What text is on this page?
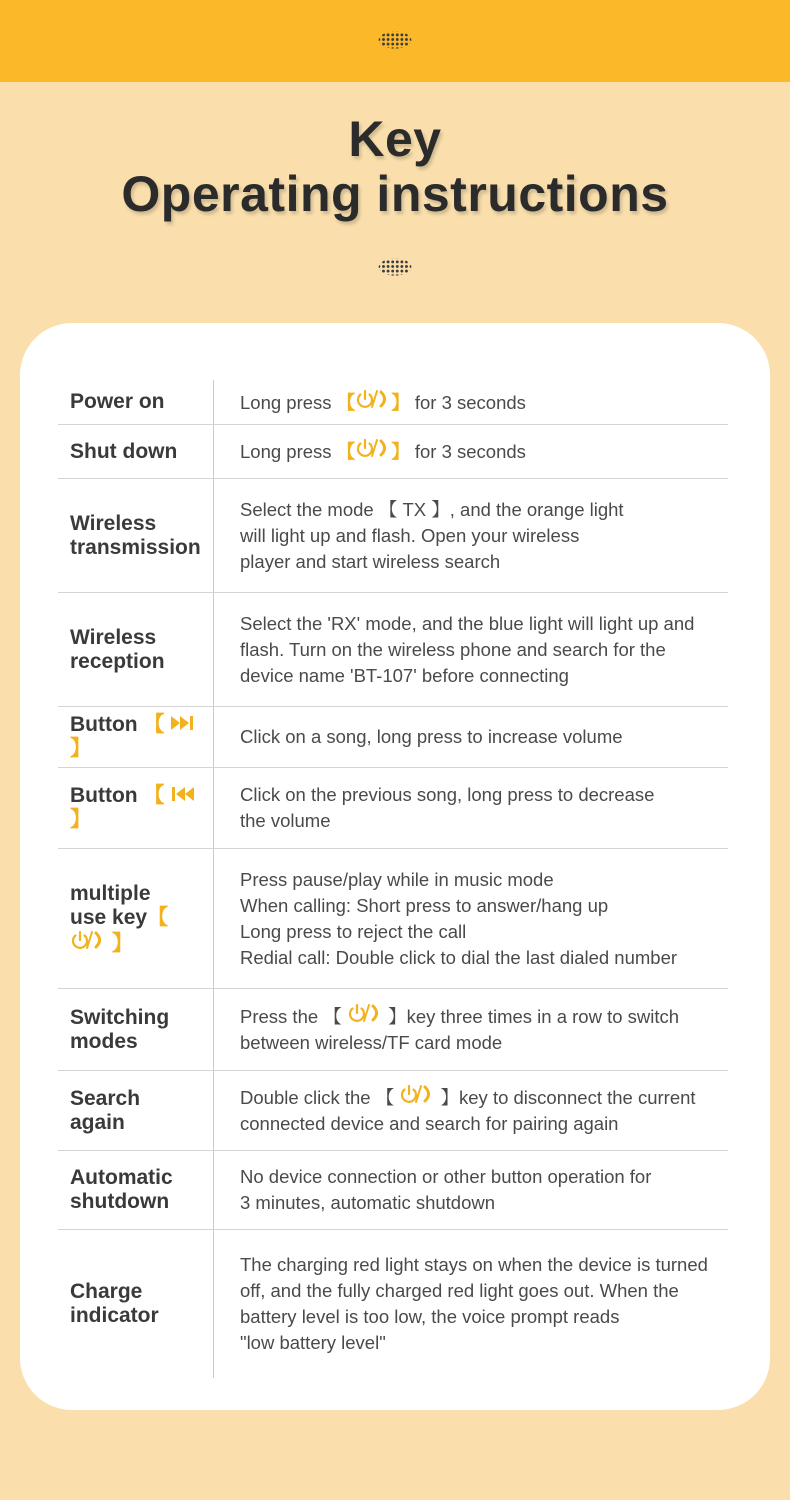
Key
Operating instructions
Power on	Long press 【 】 for 3 seconds
Shut down	Long press 【 】 for 3 seconds
Wireless
transmission
Select the mode 【 TX 】, and the orange light
will light up and flash. Open your wireless
player and start wireless search
Wireless
reception
Select the 'RX' mode, and the blue light will light up and
flash. Turn on the wireless phone and search for the
device name 'BT-107' before connecting
Button 【  】
Click on a song, long press to increase volume
Button 【  】
Click on the previous song, long press to decrease
the volume
multiple
use key【  】
Press pause/play while in music mode
When calling: Short press to answer/hang up
Long press to reject the call
Redial call: Double click to dial the last dialed number
Switching
modes
Press the 【  】key three times in a row to switch
between wireless/TF card mode
Search
again
Double click the 【  】key to disconnect the current
connected device and search for pairing again
Automatic
shutdown
No device connection or other button operation for
3 minutes, automatic shutdown
Charge
indicator
The charging red light stays on when the device is turned
off, and the fully charged red light goes out. When the
battery level is too low, the voice prompt reads
"low battery level"
